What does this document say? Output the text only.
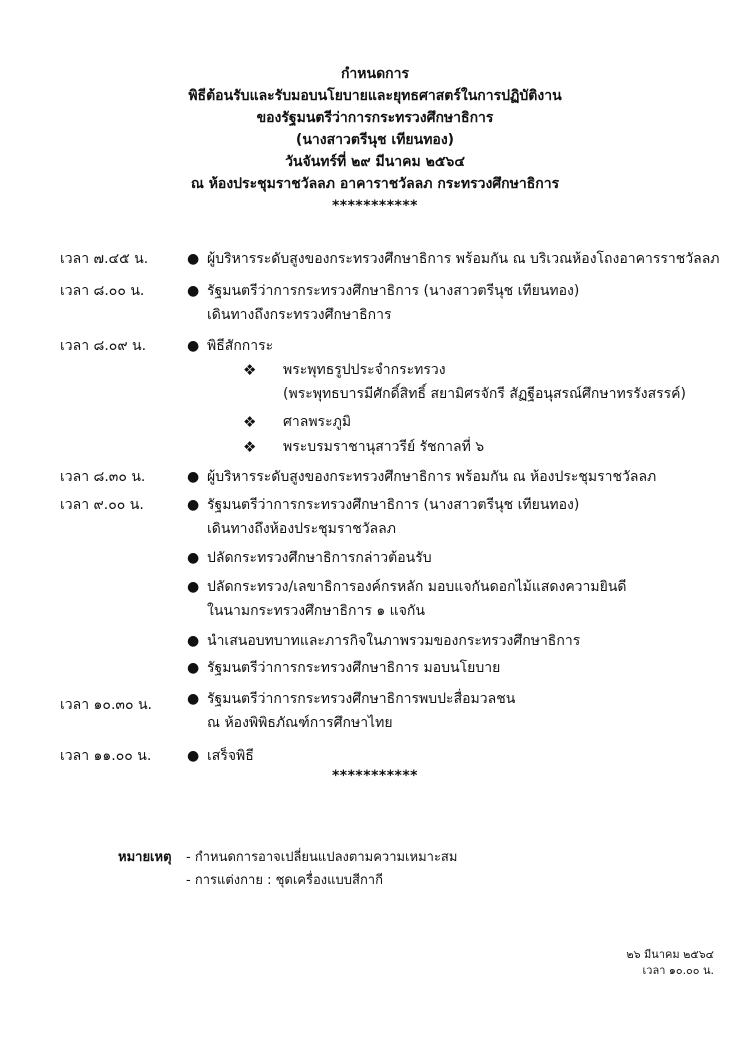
กำหนดการ
พิธีต้อนรับและรับมอบนโยบายและยุทธศาสตร์ในการปฏิบัติงาน
ของรัฐมนตรีว่าการกระทรวงศึกษาธิการ
(นางสาวตรีนุช เทียนทอง)
วันจันทร์ที่ ๒๙ มีนาคม ๒๕๖๔
ณ ห้องประชุมราชวัลลภ อาคาราชวัลลภ กระทรวงศึกษาธิการ
***********
เวลา ๗.๔๕ น.	● ผู้บริหารระดับสูงของกระทรวงศึกษาธิการ พร้อมกัน ณ บริเวณห้องโถงอาคารราชวัลลภ
เวลา ๘.๐๐ น.	● รัฐมนตรีว่าการกระทรวงศึกษาธิการ (นางสาวตรีนุช เทียนทอง)
เดินทางถึงกระทรวงศึกษาธิการ
เวลา ๘.๐๙ น.	● พิธีสักการะ
❖ พระพุทธรูปประจำกระทรวง
(พระพุทธบารมีศักดิ์สิทธิ์ สยามิศรจักรี สัฏฐีอนุสรณ์ศึกษาทรรังสรรค์)
❖ ศาลพระภูมิ
❖ พระบรมราชานุสาวรีย์ รัชกาลที่ ๖
เวลา ๘.๓๐ น.	● ผู้บริหารระดับสูงของกระทรวงศึกษาธิการ พร้อมกัน ณ ห้องประชุมราชวัลลภ
เวลา ๙.๐๐ น.	● รัฐมนตรีว่าการกระทรวงศึกษาธิการ (นางสาวตรีนุช เทียนทอง)
เดินทางถึงห้องประชุมราชวัลลภ
● ปลัดกระทรวงศึกษาธิการกล่าวต้อนรับ
● ปลัดกระทรวง/เลขาธิการองค์กรหลัก มอบแจกันดอกไม้แสดงความยินดี
ในนามกระทรวงศึกษาธิการ ๑ แจกัน
● นำเสนอบทบาทและภารกิจในภาพรวมของกระทรวงศึกษาธิการ
● รัฐมนตรีว่าการกระทรวงศึกษาธิการ มอบนโยบาย
เวลา ๑๐.๓๐ น. ● รัฐมนตรีว่าการกระทรวงศึกษาธิการพบปะสื่อมวลชน
ณ ห้องพิพิธภัณฑ์การศึกษาไทย
เวลา ๑๑.๐๐ น.	● เสร็จพิธี
***********
หมายเหตุ - กำหนดการอาจเปลี่ยนแปลงตามความเหมาะสม
- การแต่งกาย : ชุดเครื่องแบบสีกากี
๒๖ มีนาคม ๒๕๖๔
เวลา ๑๐.๐๐ น.
